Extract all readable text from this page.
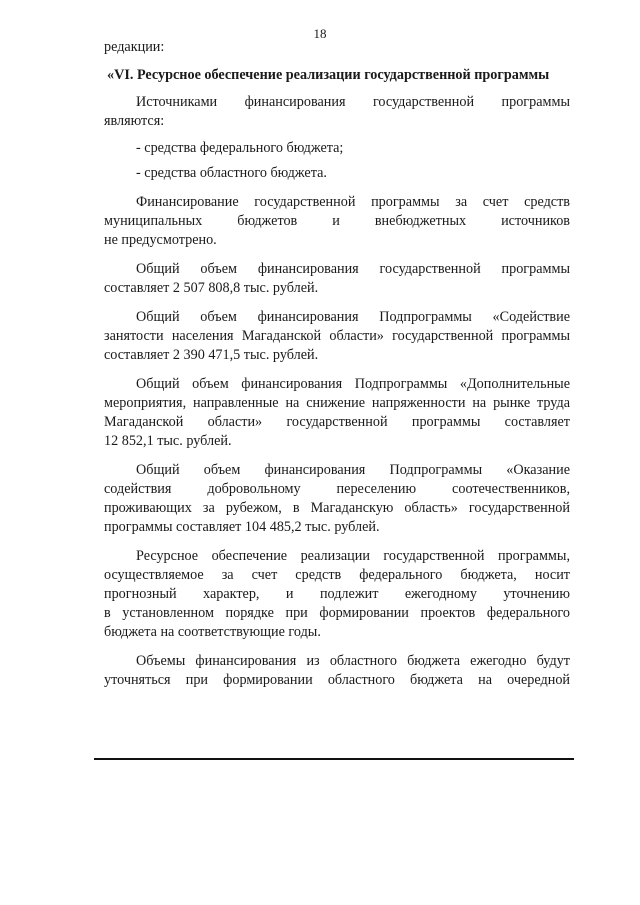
18
редакции:
«VI. Ресурсное обеспечение реализации государственной программы
Источниками финансирования государственной программы
являются:
- средства федерального бюджета;
- средства областного бюджета.
Финансирование государственной программы за счет средств
муниципальных бюджетов и внебюджетных источников
не предусмотрено.
Общий объем финансирования государственной программы
составляет 2 507 808,8 тыс. рублей.
Общий объем финансирования Подпрограммы «Содействие
занятости населения Магаданской области» государственной программы
составляет 2 390 471,5 тыс. рублей.
Общий объем финансирования Подпрограммы «Дополнительные
мероприятия, направленные на снижение напряженности на рынке труда
Магаданской области» государственной программы составляет
12 852,1 тыс. рублей.
Общий объем финансирования Подпрограммы «Оказание
содействия добровольному переселению соотечественников,
проживающих за рубежом, в Магаданскую область» государственной
программы составляет 104 485,2 тыс. рублей.
Ресурсное обеспечение реализации государственной программы,
осуществляемое за счет средств федерального бюджета, носит
прогнозный характер, и подлежит ежегодному уточнению
в установленном порядке при формировании проектов федерального
бюджета на соответствующие годы.
Объемы финансирования из областного бюджета ежегодно будут
уточняться при формировании областного бюджета на очередной
